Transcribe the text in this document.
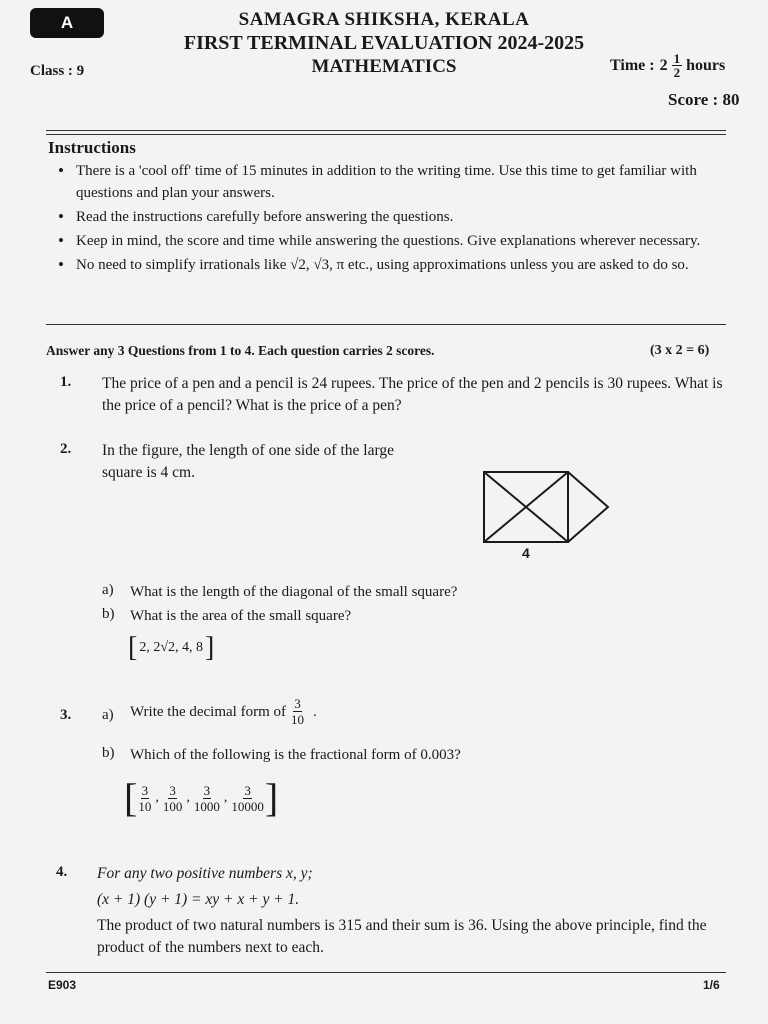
A	SAMAGRA SHIKSHA, KERALA
FIRST TERMINAL EVALUATION 2024-2025
MATHEMATICS
Class : 9	Time : $2 \frac{1}{2}$ hours
Score : 80
Instructions
• There is a 'cool off' time of 15 minutes in addition to the writing time. Use this time to get familiar with questions and plan your answers.
• Read the instructions carefully before answering the questions.
• Keep in mind, the score and time while answering the questions. Give explanations wherever necessary.
• No need to simplify irrationals like √2, √3, π etc., using approximations unless you are asked to do so.
Answer any 3 Questions from 1 to 4. Each question carries 2 scores.	(3 x 2 = 6)
1. The price of a pen and a pencil is 24 rupees. The price of the pen and 2 pencils is 30 rupees. What is the price of a pencil? What is the price of a pen?
2. In the figure, the length of one side of the large square is 4 cm.
4
a) What is the length of the diagonal of the small square?
b) What is the area of the small square?
[ 2, 2√2, 4, 8 ]
3. a) Write the decimal form of $\frac{3}{10}$ .
b) Which of the following is the fractional form of 0.003?
[ $\frac{3}{10}$ , $\frac{3}{100}$ , $\frac{3}{1000}$ , $\frac{3}{10000}$ ]
4. For any two positive numbers x, y;
(x + 1) (y + 1) = xy + x + y + 1.
The product of two natural numbers is 315 and their sum is 36. Using the above principle, find the product of the numbers next to each.
E903	1/6
